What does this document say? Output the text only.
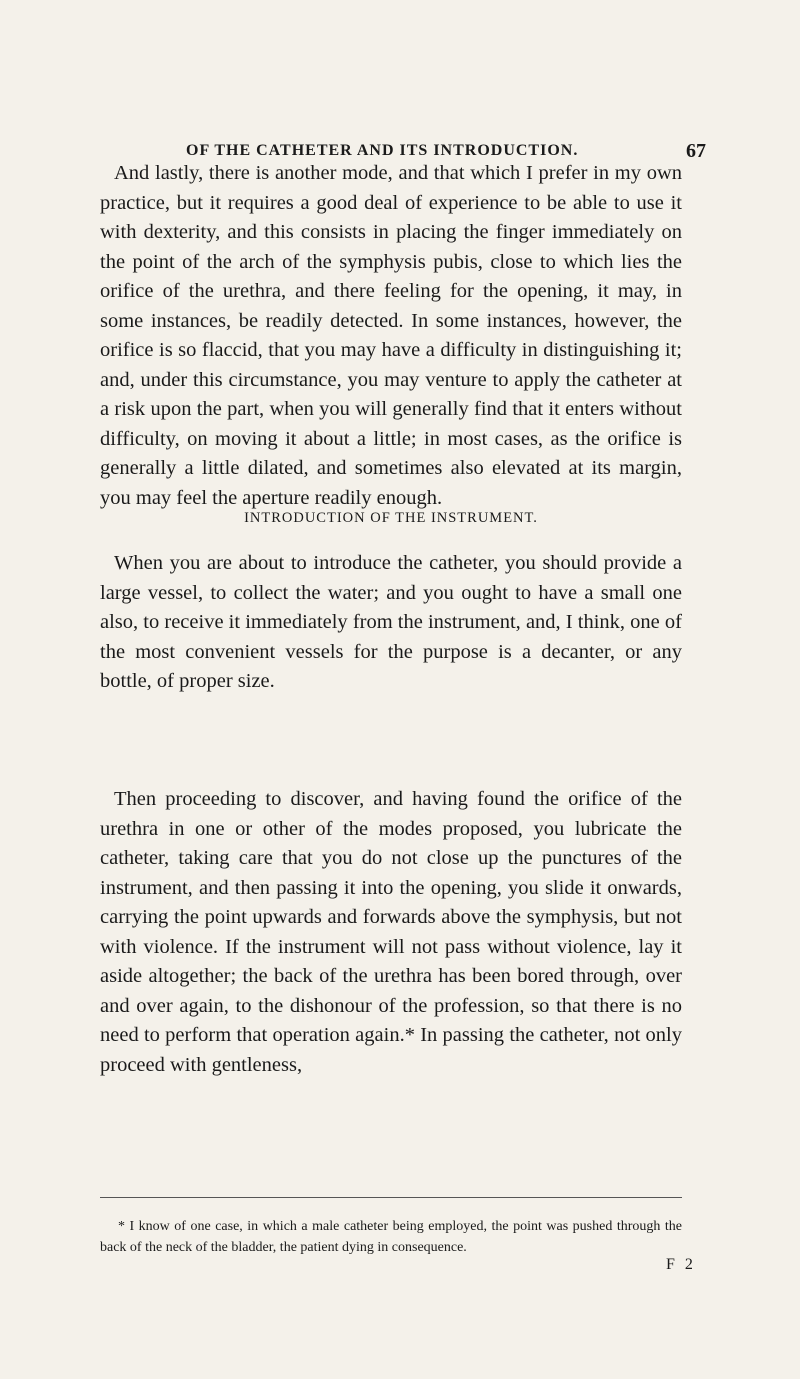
OF THE CATHETER AND ITS INTRODUCTION.	67

And lastly, there is another mode, and that which I prefer in my own practice, but it requires a good deal of experience to be able to use it with dexterity, and this consists in placing the finger immediately on the point of the arch of the symphysis pubis, close to which lies the orifice of the urethra, and there feeling for the opening, it may, in some instances, be readily detected. In some instances, however, the orifice is so flaccid, that you may have a difficulty in distinguishing it; and, under this circumstance, you may venture to apply the catheter at a risk upon the part, when you will generally find that it enters without difficulty, on moving it about a little; in most cases, as the orifice is generally a little dilated, and sometimes also elevated at its margin, you may feel the aperture readily enough.

INTRODUCTION OF THE INSTRUMENT.

When you are about to introduce the catheter, you should provide a large vessel, to collect the water; and you ought to have a small one also, to receive it immediately from the instrument, and, I think, one of the most convenient vessels for the purpose is a decanter, or any bottle, of proper size.

Then proceeding to discover, and having found the orifice of the urethra in one or other of the modes proposed, you lubricate the catheter, taking care that you do not close up the punctures of the instrument, and then passing it into the opening, you slide it onwards, carrying the point upwards and forwards above the symphysis, but not with violence. If the instrument will not pass without violence, lay it aside altogether; the back of the urethra has been bored through, over and over again, to the dishonour of the profession, so that there is no need to perform that operation again.* In passing the catheter, not only proceed with gentleness,

* I know of one case, in which a male catheter being employed, the point was pushed through the back of the neck of the bladder, the patient dying in consequence.

F 2
